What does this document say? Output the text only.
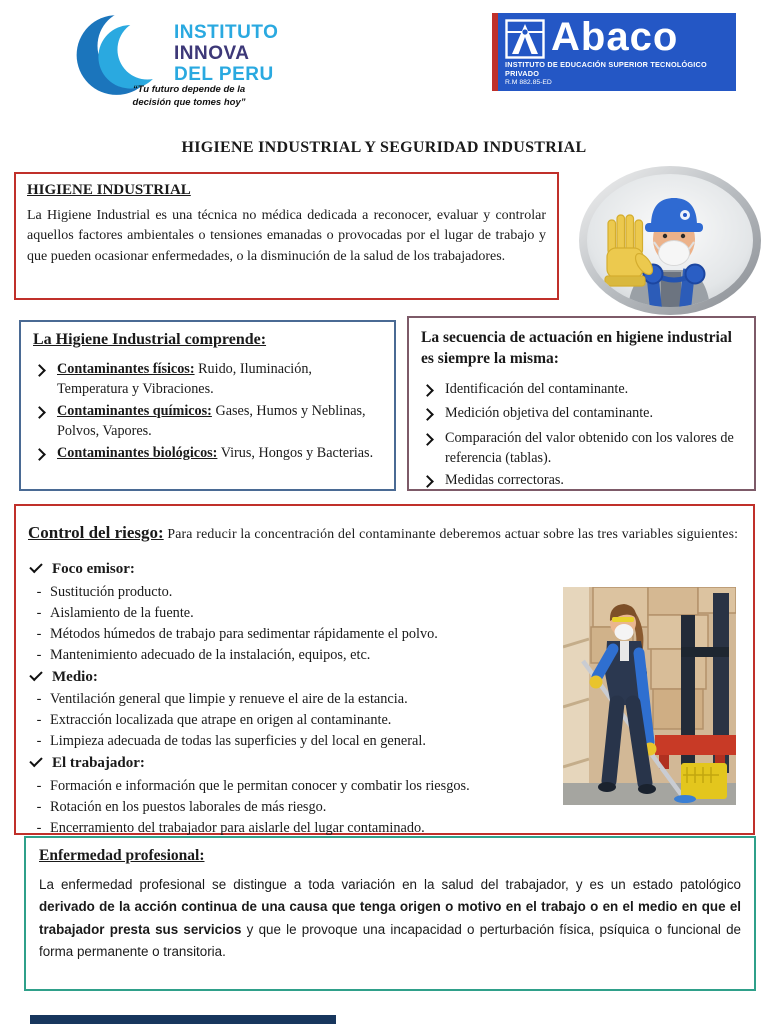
INSTITUTO
INNOVA
DEL PERU
“Tu futuro depende de la
decisión que tomes hoy”
Abaco
INSTITUTO DE EDUCACIÓN SUPERIOR TECNOLÓGICO PRIVADO
R.M 882.85-ED
HIGIENE INDUSTRIAL Y SEGURIDAD INDUSTRIAL
HIGIENE INDUSTRIAL

La Higiene Industrial es una técnica no médica dedicada a reconocer, evaluar y controlar aquellos factores ambientales o tensiones emanadas o provocadas por el lugar de trabajo y que pueden ocasionar enfermedades, o la disminución de la salud de los trabajadores.

La Higiene Industrial comprende:
Contaminantes físicos: Ruido, Iluminación, Temperatura y Vibraciones.
Contaminantes químicos: Gases, Humos y Neblinas, Polvos, Vapores.
Contaminantes biológicos: Virus, Hongos y Bacterias.
La secuencia de actuación en higiene industrial es siempre la misma:
Identificación del contaminante.
Medición objetiva del contaminante.
Comparación del valor obtenido con los valores de referencia (tablas).
Medidas correctoras.

Control del riesgo: Para reducir la concentración del contaminante deberemos actuar sobre las tres variables siguientes:

Foco emisor:
- Sustitución producto.
- Aislamiento de la fuente.
- Métodos húmedos de trabajo para sedimentar rápidamente el polvo.
- Mantenimiento adecuado de la instalación, equipos, etc.
Medio:
- Ventilación general que limpie y renueve el aire de la estancia.
- Extracción localizada que atrape en origen al contaminante.
- Limpieza adecuada de todas las superficies y del local en general.
El trabajador:
- Formación e información que le permitan conocer y combatir los riesgos.
- Rotación en los puestos laborales de más riesgo.
- Encerramiento del trabajador para aislarle del lugar contaminado.
Enfermedad profesional:

La enfermedad profesional se distingue a toda variación en la salud del trabajador, y es un estado patológico derivado de la acción continua de una causa que tenga origen o motivo en el trabajo o en el medio en que el trabajador presta sus servicios y que le provoque una incapacidad o perturbación física, psíquica o funcional de forma permanente o transitoria.
